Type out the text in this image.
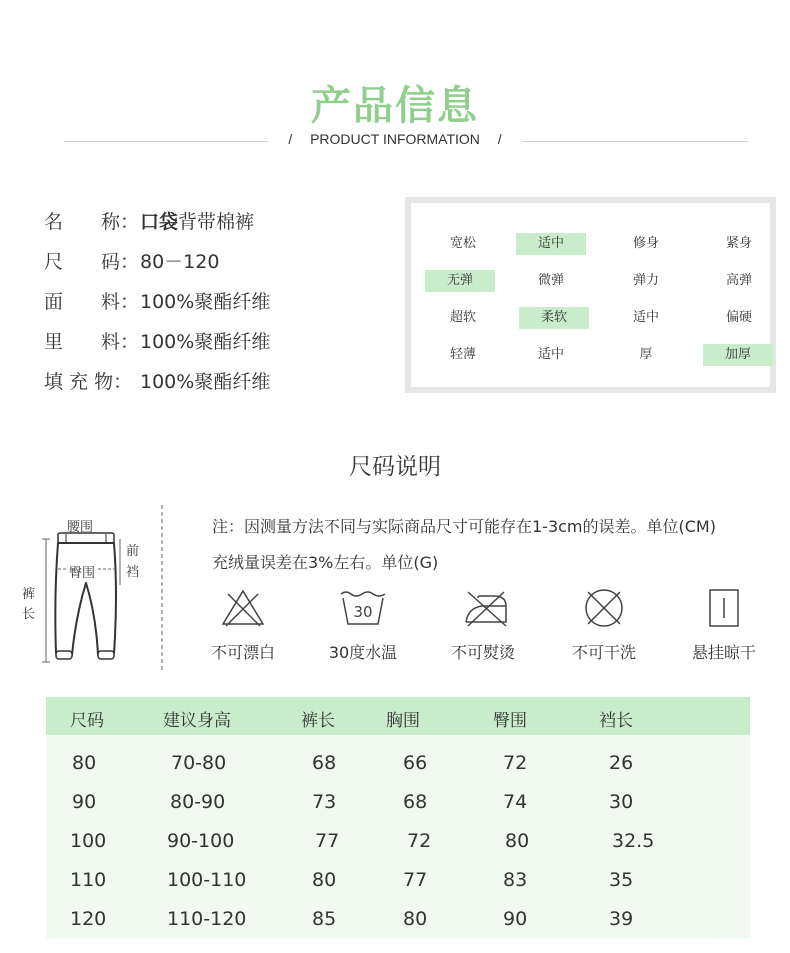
产品信息
/ PRODUCT INFORMATION /
名　　称：口袋背带棉裤
尺　　码：80－120
面　　料：100%聚酯纤维
里　　料：100%聚酯纤维
填 充 物： 100%聚酯纤维
宽松	适中	修身	紧身
无弹	微弹	弹力	高弹
超软	柔软	适中	偏硬
轻薄	适中	厚	加厚
尺码说明
腰围
臀围
前
裆
裤
长
注：因测量方法不同与实际商品尺寸可能存在1-3cm的误差。单位(CM)
充绒量误差在3%左右。单位(G)
不可漂白
30
30度水温	不可熨烫	不可干洗	悬挂晾干
尺码	建议身高	裤长	胸围	臀围	裆长
80	70-80	68	66	72	26
90	80-90	73	68	74	30
100	90-100	77	72	80	32.5
110	100-110	80	77	83	35
120	110-120	85	80	90	39
